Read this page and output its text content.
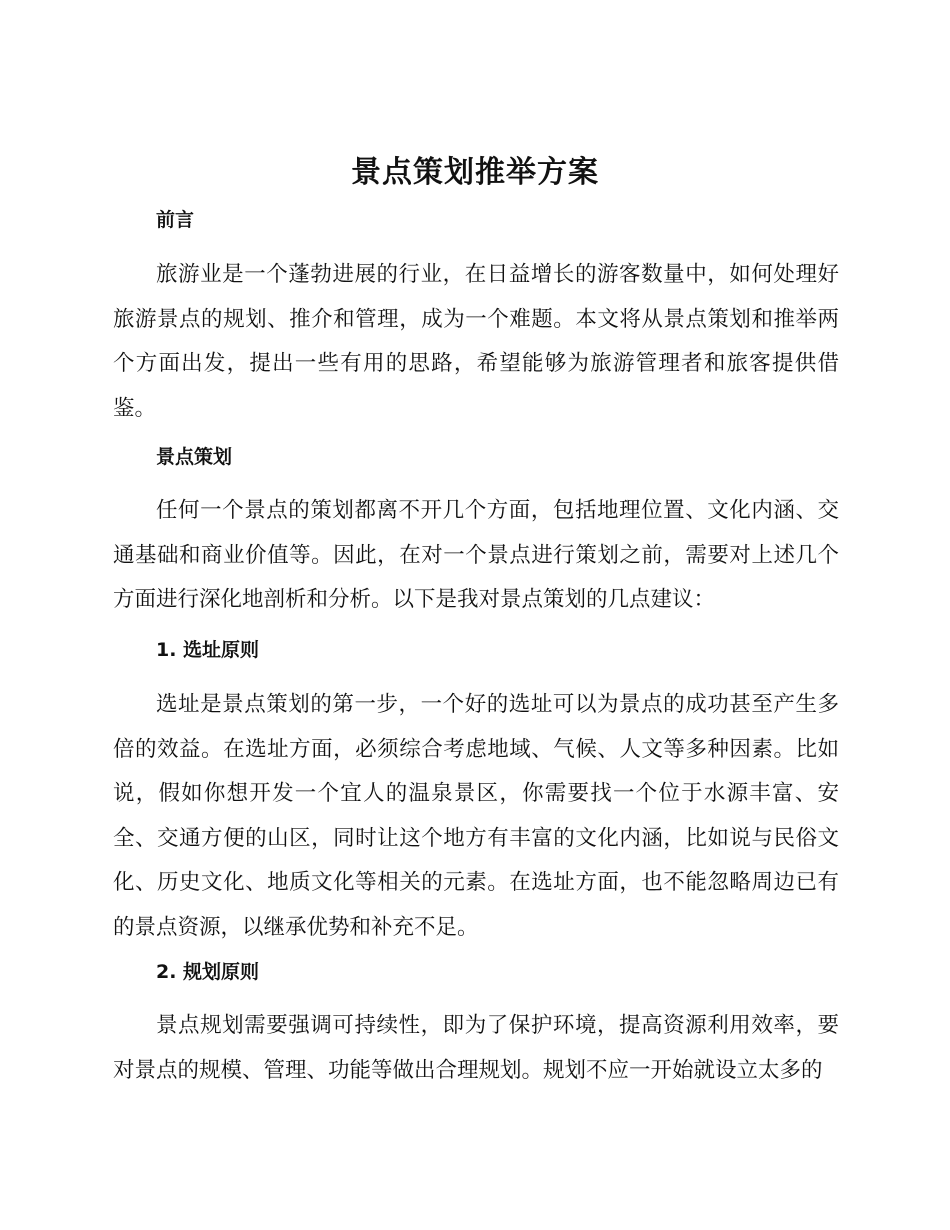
景点策划推举方案
前言

旅游业是一个蓬勃进展的行业，在日益增长的游客数量中，如何处理好旅游景点的规划、推介和管理，成为一个难题。本文将从景点策划和推举两个方面出发，提出一些有用的思路，希望能够为旅游管理者和旅客提供借鉴。

景点策划

任何一个景点的策划都离不开几个方面，包括地理位置、文化内涵、交通基础和商业价值等。因此，在对一个景点进行策划之前，需要对上述几个方面进行深化地剖析和分析。以下是我对景点策划的几点建议：

1. 选址原则

选址是景点策划的第一步，一个好的选址可以为景点的成功甚至产生多倍的效益。在选址方面，必须综合考虑地域、气候、人文等多种因素。比如说，假如你想开发一个宜人的温泉景区，你需要找一个位于水源丰富、安全、交通方便的山区，同时让这个地方有丰富的文化内涵，比如说与民俗文化、历史文化、地质文化等相关的元素。在选址方面，也不能忽略周边已有的景点资源，以继承优势和补充不足。

2. 规划原则

景点规划需要强调可持续性，即为了保护环境，提高资源利用效率，要对景点的规模、管理、功能等做出合理规划。规划不应一开始就设立太多的
